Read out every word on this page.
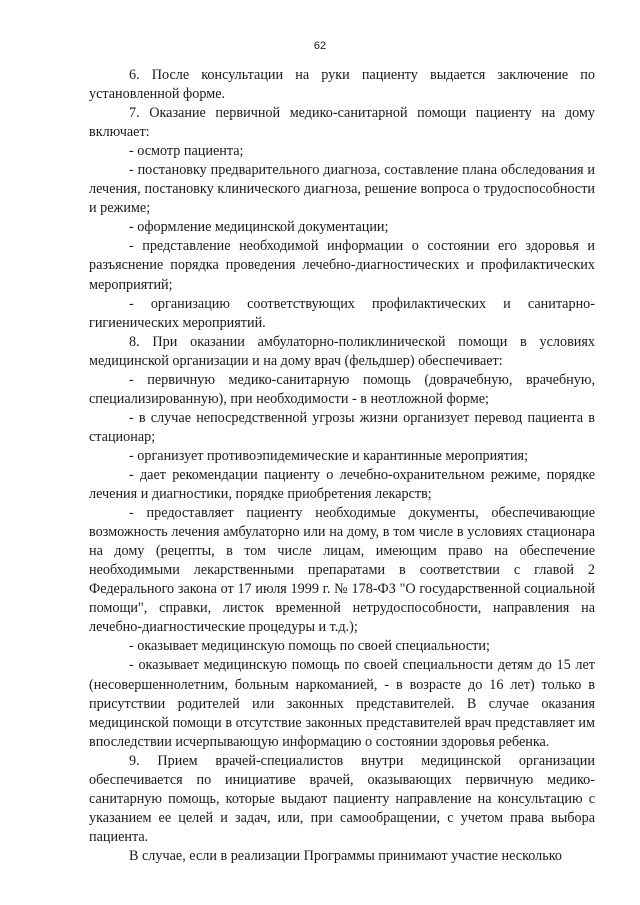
62

6. После консультации на руки пациенту выдается заключение по установленной форме.

7. Оказание первичной медико-санитарной помощи пациенту на дому включает:

- осмотр пациента;

- постановку предварительного диагноза, составление плана обследования и лечения, постановку клинического диагноза, решение вопроса о трудоспособности и режиме;

- оформление медицинской документации;

- представление необходимой информации о состоянии его здоровья и разъяснение порядка проведения лечебно-диагностических и профилактических мероприятий;

- организацию соответствующих профилактических и санитарно-гигиенических мероприятий.

8. При оказании амбулаторно-поликлинической помощи в условиях медицинской организации и на дому врач (фельдшер) обеспечивает:

- первичную медико-санитарную помощь (доврачебную, врачебную, специализированную), при необходимости - в неотложной форме;

- в случае непосредственной угрозы жизни организует перевод пациента в стационар;

- организует противоэпидемические и карантинные мероприятия;

- дает рекомендации пациенту о лечебно-охранительном режиме, порядке лечения и диагностики, порядке приобретения лекарств;

- предоставляет пациенту необходимые документы, обеспечивающие возможность лечения амбулаторно или на дому, в том числе в условиях стационара на дому (рецепты, в том числе лицам, имеющим право на обеспечение необходимыми лекарственными препаратами в соответствии с главой 2 Федерального закона от 17 июля 1999 г. № 178-ФЗ "О государственной социальной помощи", справки, листок временной нетрудоспособности, направления на лечебно-диагностические процедуры и т.д.);

- оказывает медицинскую помощь по своей специальности;

- оказывает медицинскую помощь по своей специальности детям до 15 лет (несовершеннолетним, больным наркоманией, - в возрасте до 16 лет) только в присутствии родителей или законных представителей. В случае оказания медицинской помощи в отсутствие законных представителей врач представляет им впоследствии исчерпывающую информацию о состоянии здоровья ребенка.

9. Прием врачей-специалистов внутри медицинской организации обеспечивается по инициативе врачей, оказывающих первичную медико-санитарную помощь, которые выдают пациенту направление на консультацию с указанием ее целей и задач, или, при самообращении, с учетом права выбора пациента.

В случае, если в реализации Программы принимают участие несколько
